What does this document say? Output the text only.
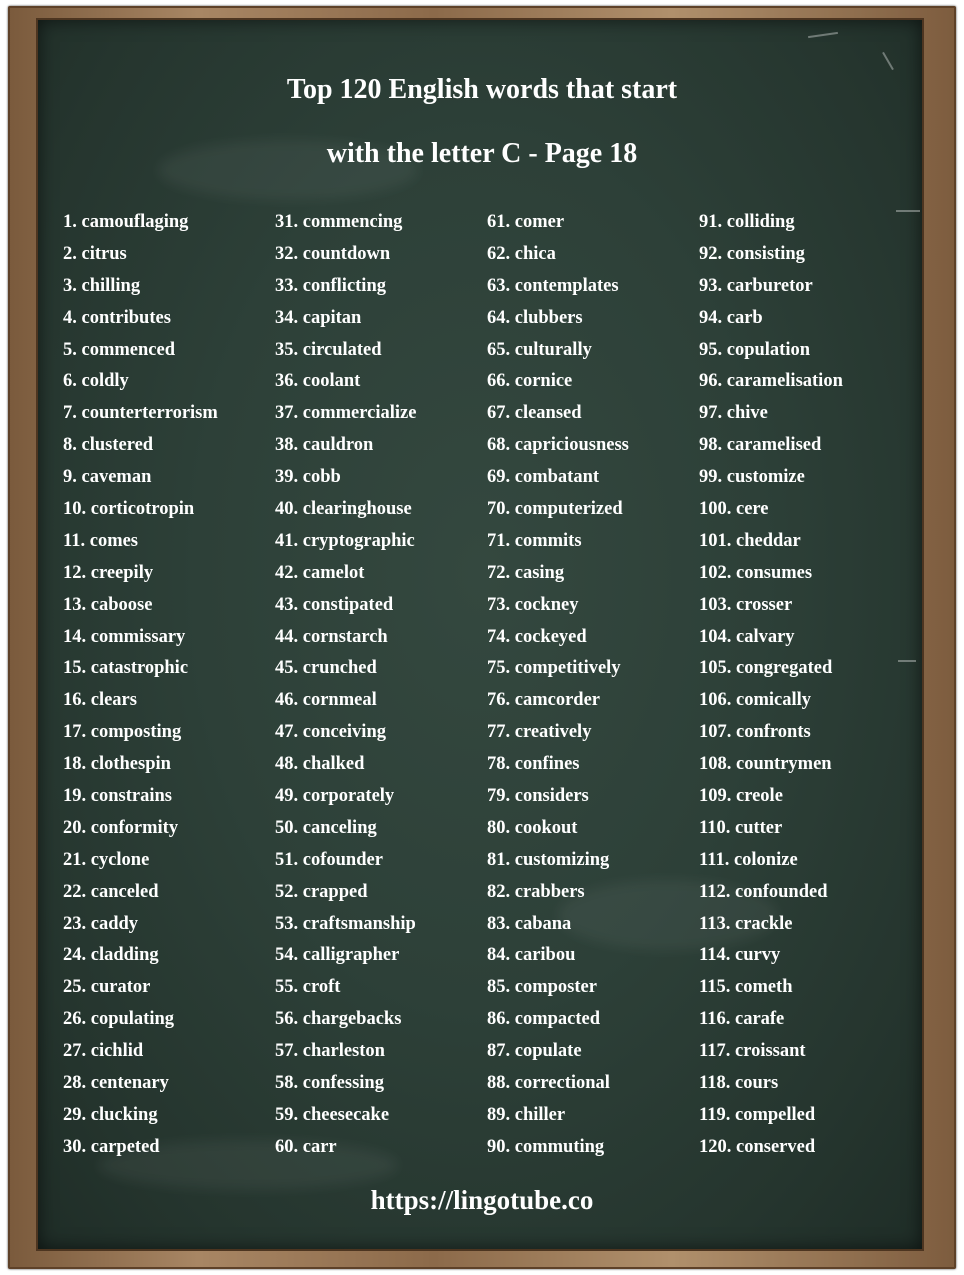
Top 120 English words that start
with the letter C - Page 18
1. camouflaging
2. citrus
3. chilling
4. contributes
5. commenced
6. coldly
7. counterterrorism
8. clustered
9. caveman
10. corticotropin
11. comes
12. creepily
13. caboose
14. commissary
15. catastrophic
16. clears
17. composting
18. clothespin
19. constrains
20. conformity
21. cyclone
22. canceled
23. caddy
24. cladding
25. curator
26. copulating
27. cichlid
28. centenary
29. clucking
30. carpeted
31. commencing
32. countdown
33. conflicting
34. capitan
35. circulated
36. coolant
37. commercialize
38. cauldron
39. cobb
40. clearinghouse
41. cryptographic
42. camelot
43. constipated
44. cornstarch
45. crunched
46. cornmeal
47. conceiving
48. chalked
49. corporately
50. canceling
51. cofounder
52. crapped
53. craftsmanship
54. calligrapher
55. croft
56. chargebacks
57. charleston
58. confessing
59. cheesecake
60. carr
61. comer
62. chica
63. contemplates
64. clubbers
65. culturally
66. cornice
67. cleansed
68. capriciousness
69. combatant
70. computerized
71. commits
72. casing
73. cockney
74. cockeyed
75. competitively
76. camcorder
77. creatively
78. confines
79. considers
80. cookout
81. customizing
82. crabbers
83. cabana
84. caribou
85. composter
86. compacted
87. copulate
88. correctional
89. chiller
90. commuting
91. colliding
92. consisting
93. carburetor
94. carb
95. copulation
96. caramelisation
97. chive
98. caramelised
99. customize
100. cere
101. cheddar
102. consumes
103. crosser
104. calvary
105. congregated
106. comically
107. confronts
108. countrymen
109. creole
110. cutter
111. colonize
112. confounded
113. crackle
114. curvy
115. cometh
116. carafe
117. croissant
118. cours
119. compelled
120. conserved
https://lingotube.co
